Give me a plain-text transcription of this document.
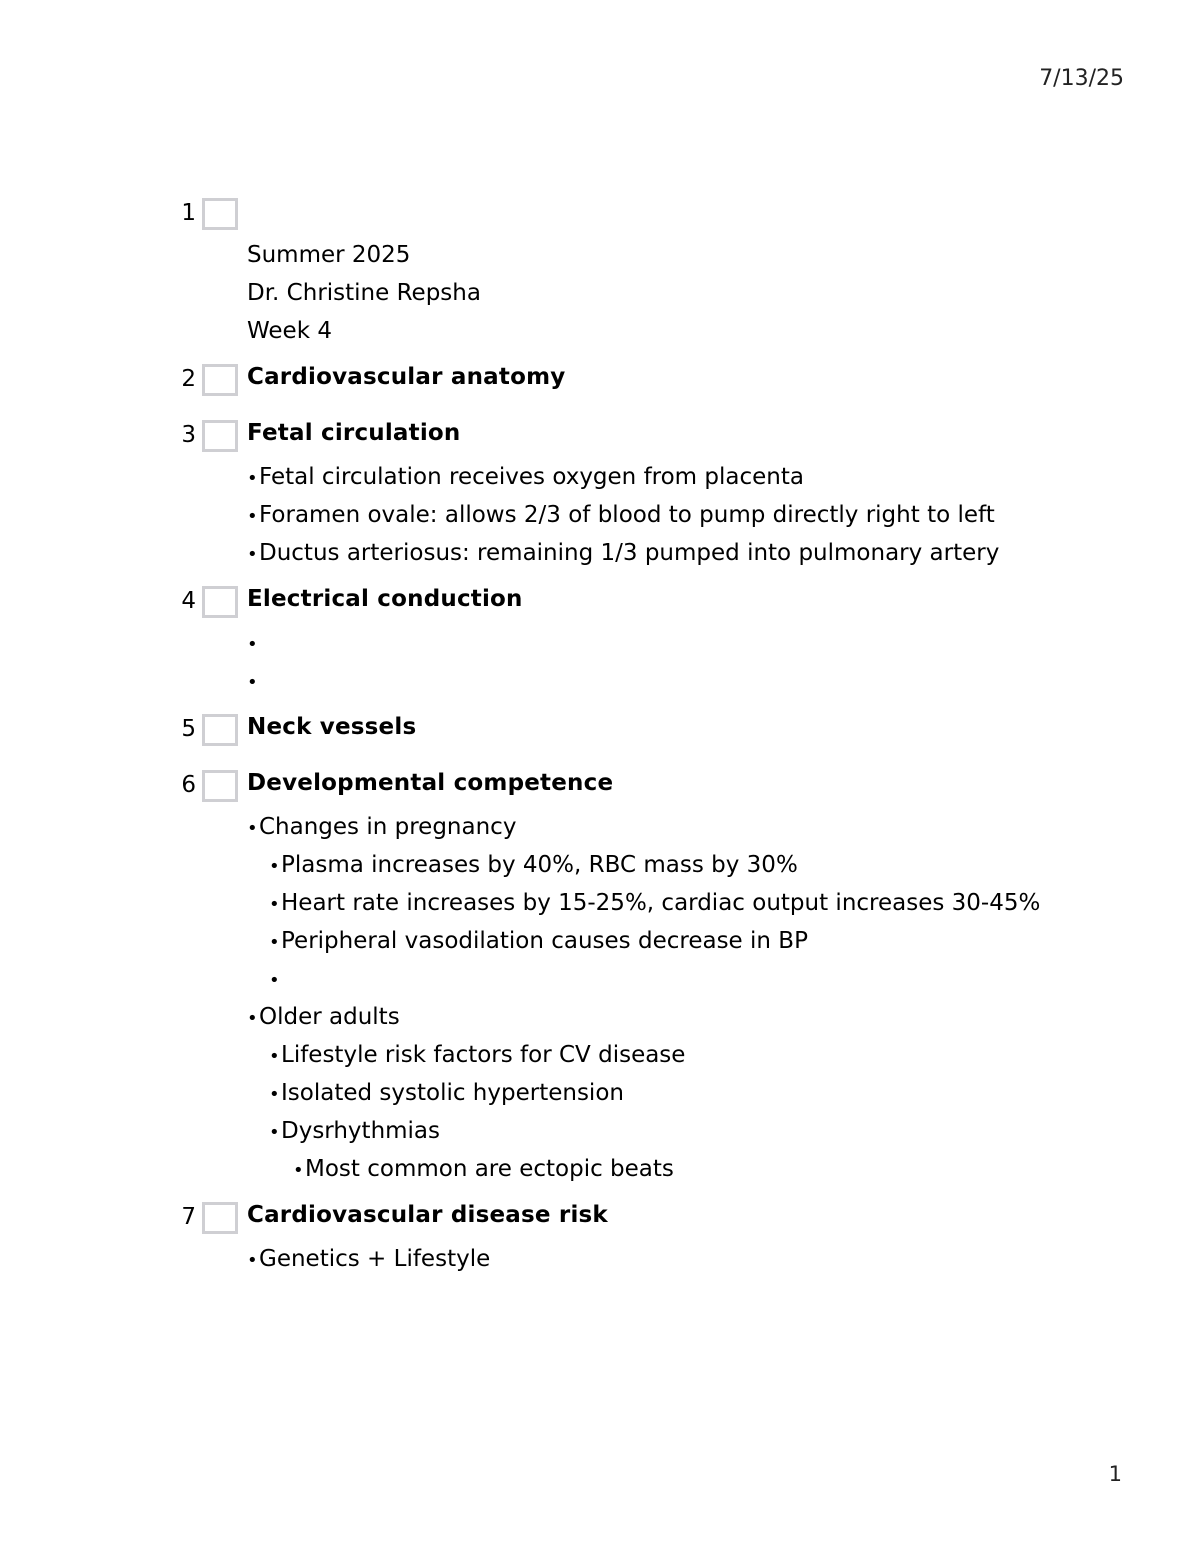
7/13/25
1
Summer 2025
Dr. Christine Repsha
Week 4
2 Cardiovascular anatomy
3 Fetal circulation
•Fetal circulation receives oxygen from placenta
•Foramen ovale: allows 2/3 of blood to pump directly right to left
•Ductus arteriosus: remaining 1/3 pumped into pulmonary artery
4 Electrical conduction
•
•
5 Neck vessels
6 Developmental competence
•Changes in pregnancy
•Plasma increases by 40%, RBC mass by 30%
•Heart rate increases by 15-25%, cardiac output increases 30-45%
•Peripheral vasodilation causes decrease in BP
•
•Older adults
•Lifestyle risk factors for CV disease
•Isolated systolic hypertension
•Dysrhythmias
•Most common are ectopic beats
7 Cardiovascular disease risk
•Genetics + Lifestyle
1
